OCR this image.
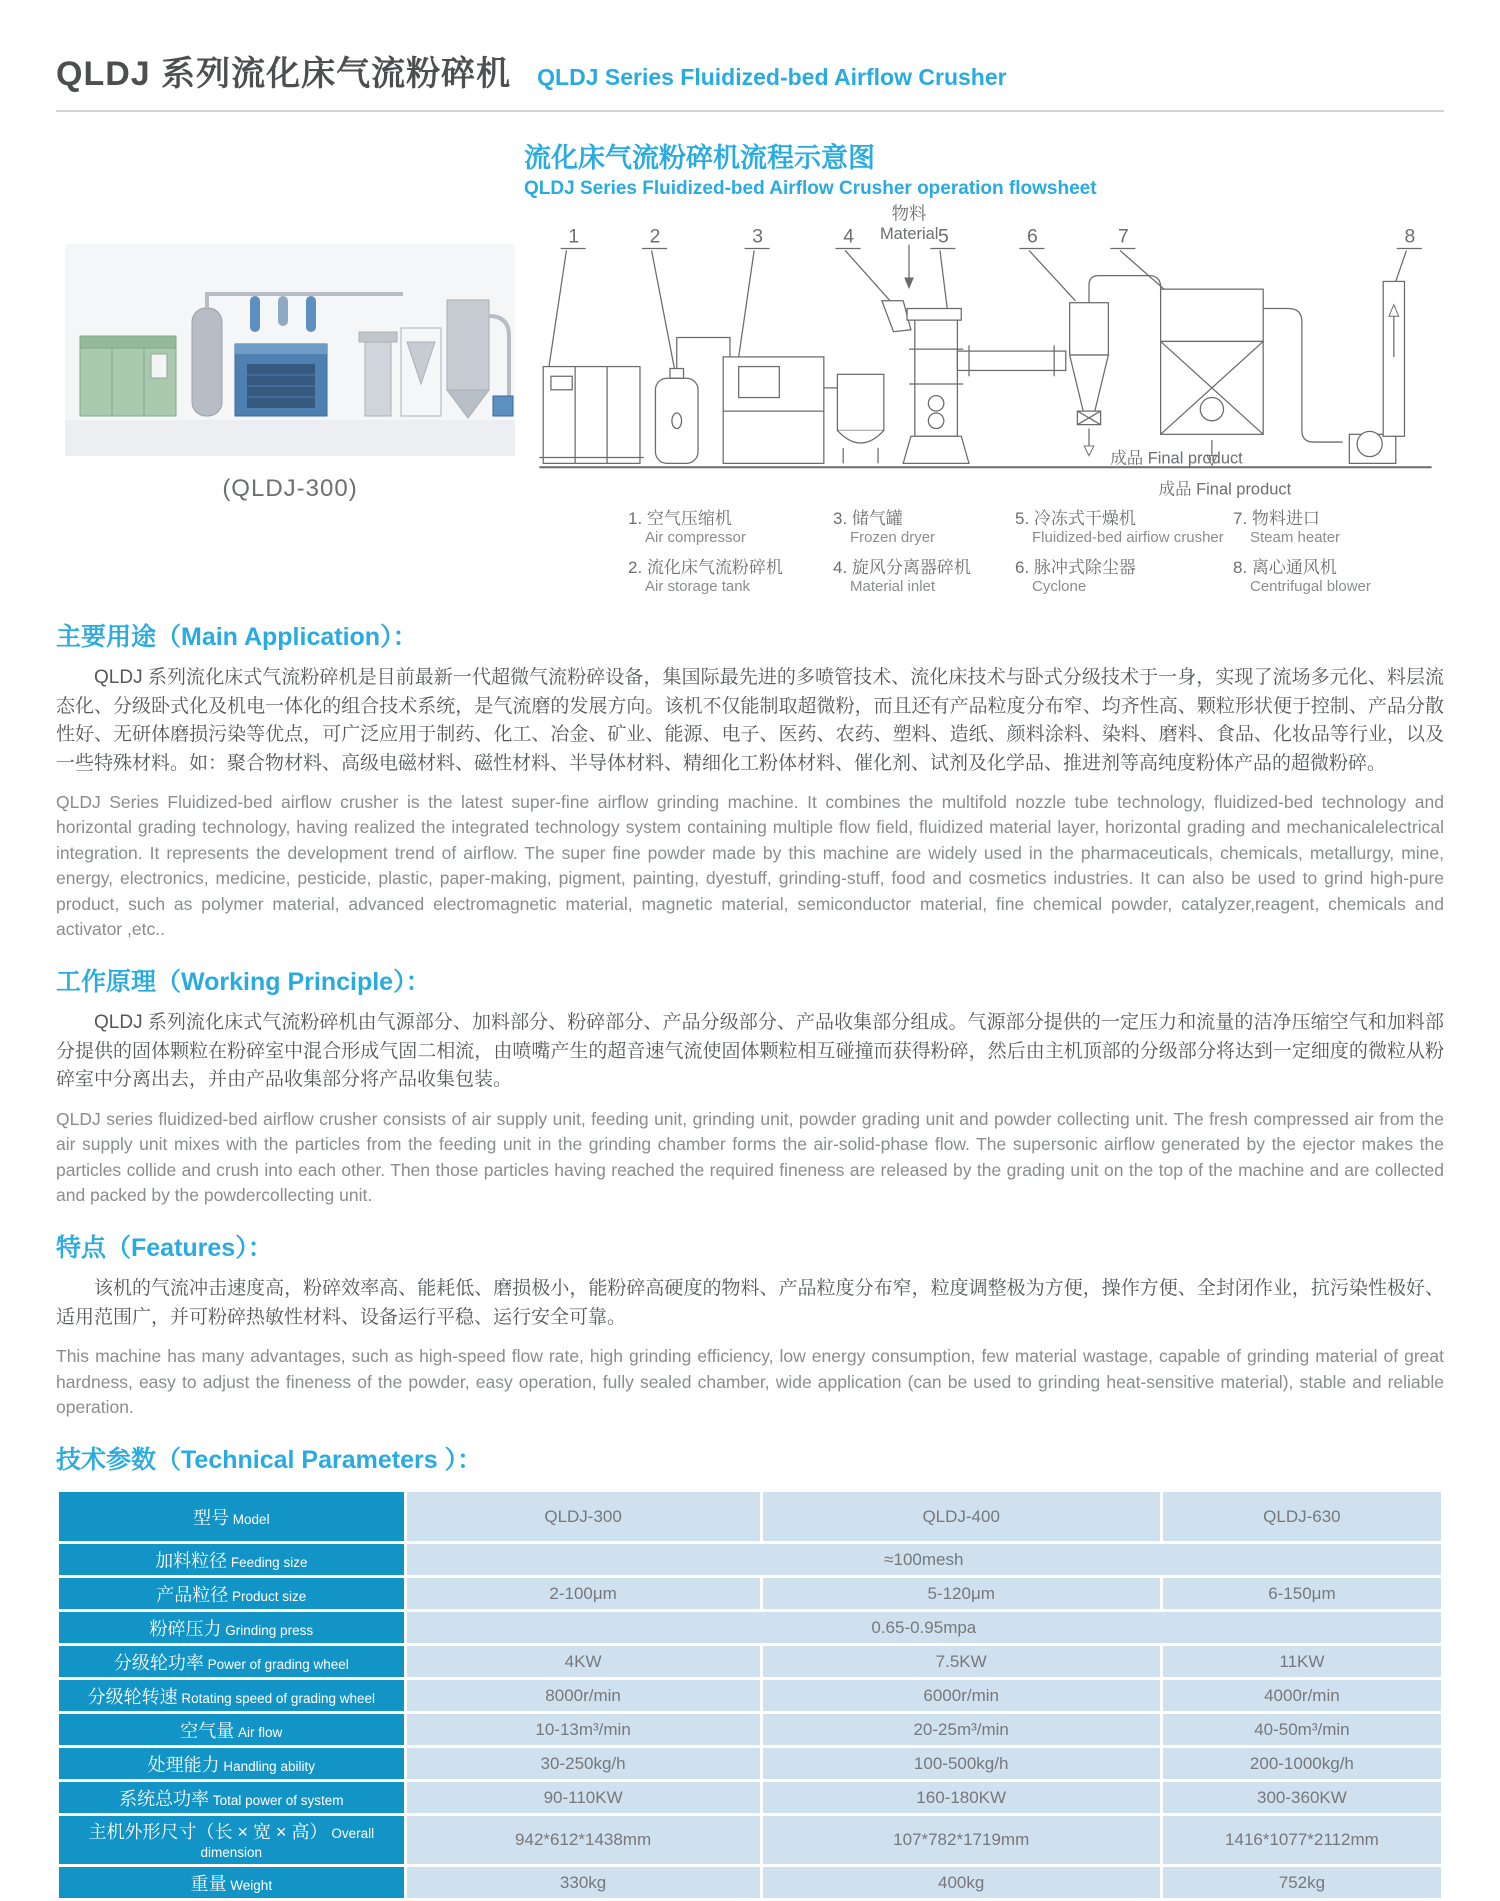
QLDJ 系列流化床气流粉碎机 QLDJ Series Fluidized-bed Airflow Crusher
(QLDJ-300)
流化床气流粉碎机流程示意图
QLDJ Series Fluidized-bed Airflow Crusher operation flowsheet
物料
Material
1	2	3	4	5	6	7	8
成品 Final product
成品 Final product
1. 空气压缩机
Air compressor
2. 流化床气流粉碎机
Air storage tank
3. 储气罐
Frozen dryer
4. 旋风分离器碎机
Material inlet
5. 冷冻式干燥机
Fluidized-bed airfiow crusher
6. 脉冲式除尘器
Cyclone
7. 物料进口
Steam heater
8. 离心通风机
Centrifugal blower
主要用途（Main Application）：
QLDJ 系列流化床式气流粉碎机是目前最新一代超微气流粉碎设备，集国际最先进的多喷管技术、流化床技术与卧式分级技术于一身，实现了流场多元化、料层流态化、分级卧式化及机电一体化的组合技术系统，是气流磨的发展方向。该机不仅能制取超微粉，而且还有产品粒度分布窄、均齐性高、颗粒形状便于控制、产品分散性好、无研体磨损污染等优点，可广泛应用于制药、化工、冶金、矿业、能源、电子、医药、农药、塑料、造纸、颜料涂料、染料、磨料、食品、化妆品等行业，以及一些特殊材料。如：聚合物材料、高级电磁材料、磁性材料、半导体材料、精细化工粉体材料、催化剂、试剂及化学品、推进剂等高纯度粉体产品的超微粉碎。
QLDJ Series Fluidized-bed airflow crusher is the latest super-fine airflow grinding machine. It combines the multifold nozzle tube technology, fluidized-bed technology and horizontal grading technology, having realized the integrated technology system containing multiple flow field, fluidized material layer, horizontal grading and mechanicalelectrical integration. It represents the development trend of airflow. The super fine powder made by this machine are widely used in the pharmaceuticals, chemicals, metallurgy, mine, energy, electronics, medicine, pesticide, plastic, paper-making, pigment, painting, dyestuff, grinding-stuff, food and cosmetics industries. It can also be used to grind high-pure product, such as polymer material, advanced electromagnetic material, magnetic material, semiconductor material, fine chemical powder, catalyzer,reagent, chemicals and activator ,etc..
工作原理（Working Principle）：
QLDJ 系列流化床式气流粉碎机由气源部分、加料部分、粉碎部分、产品分级部分、产品收集部分组成。气源部分提供的一定压力和流量的洁净压缩空气和加料部分提供的固体颗粒在粉碎室中混合形成气固二相流，由喷嘴产生的超音速气流使固体颗粒相互碰撞而获得粉碎，然后由主机顶部的分级部分将达到一定细度的微粒从粉碎室中分离出去，并由产品收集部分将产品收集包装。
QLDJ series fluidized-bed airflow crusher consists of air supply unit, feeding unit, grinding unit, powder grading unit and powder collecting unit. The fresh compressed air from the air supply unit mixes with the particles from the feeding unit in the grinding chamber forms the air-solid-phase flow. The supersonic airflow generated by the ejector makes the particles collide and crush into each other. Then those particles having reached the required fineness are released by the grading unit on the top of the machine and are collected and packed by the powdercollecting unit.
特点（Features）：
该机的气流冲击速度高，粉碎效率高、能耗低、磨损极小，能粉碎高硬度的物料、产品粒度分布窄，粒度调整极为方便，操作方便、全封闭作业，抗污染性极好、适用范围广，并可粉碎热敏性材料、设备运行平稳、运行安全可靠。
This machine has many advantages, such as high-speed flow rate, high grinding efficiency, low energy consumption, few material wastage, capable of grinding material of great hardness, easy to adjust the fineness of the powder, easy operation, fully sealed chamber, wide application (can be used to grinding heat-sensitive material), stable and reliable operation.
技术参数（Technical Parameters ）：
型号 Model	QLDJ-300	QLDJ-400	QLDJ-630
加料粒径 Feeding size	≈100mesh		
产品粒径 Product size	2-100μm	5-120μm	6-150μm
粉碎压力 Grinding press	0.65-0.95mpa		
分级轮功率 Power of grading wheel	4KW	7.5KW	11KW
分级轮转速 Rotating speed of grading wheel	8000r/min	6000r/min	4000r/min
空气量 Air flow	10-13m³/min	20-25m³/min	40-50m³/min
处理能力 Handling ability	30-250kg/h	100-500kg/h	200-1000kg/h
系统总功率 Total power of system	90-110KW	160-180KW	300-360KW
主机外形尺寸（长 × 宽 × 高） Overall dimension	942*612*1438mm	107*782*1719mm	1416*1077*2112mm
重量 Weight	330kg	400kg	752kg
